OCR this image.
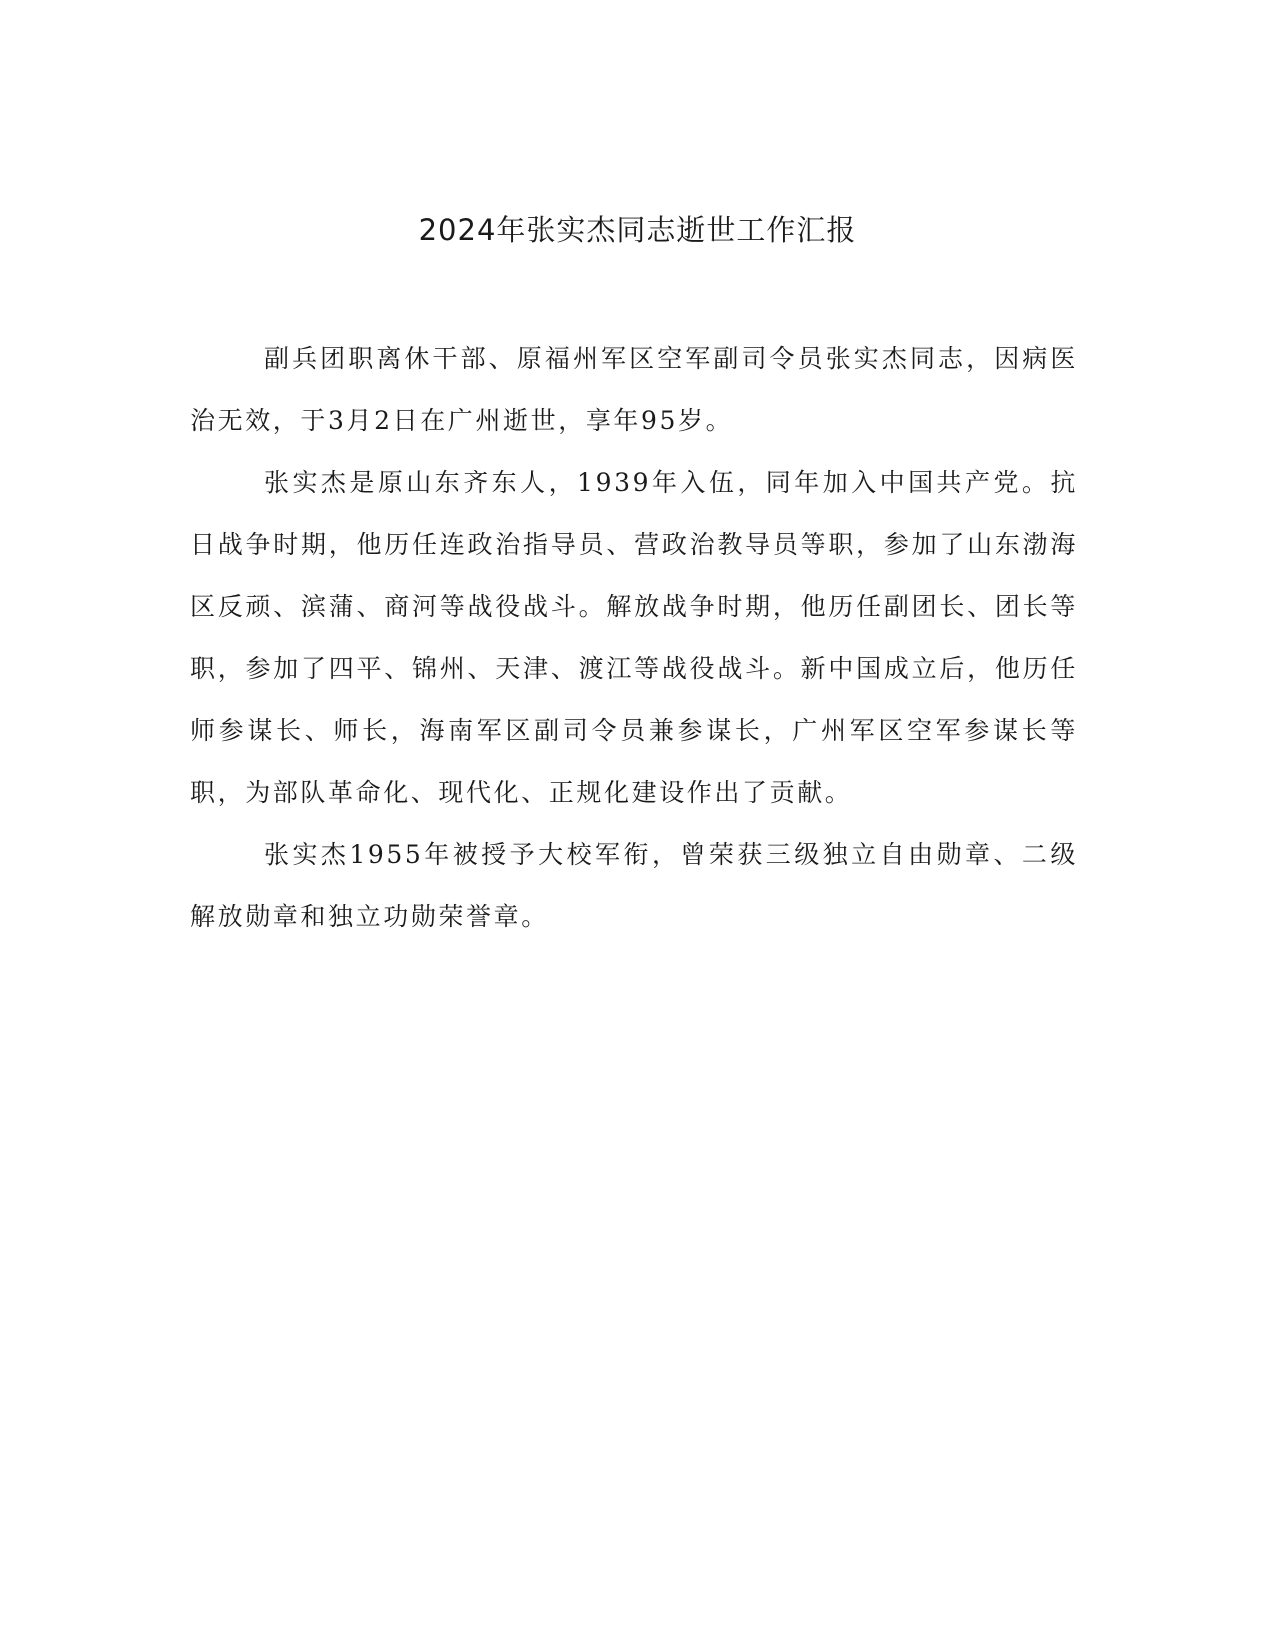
2024年张实杰同志逝世工作汇报

副兵团职离休干部、原福州军区空军副司令员张实杰同志，因病医治无效，于3月2日在广州逝世，享年95岁。

张实杰是原山东齐东人，1939年入伍，同年加入中国共产党。抗日战争时期，他历任连政治指导员、营政治教导员等职，参加了山东渤海区反顽、滨蒲、商河等战役战斗。解放战争时期，他历任副团长、团长等职，参加了四平、锦州、天津、渡江等战役战斗。新中国成立后，他历任师参谋长、师长，海南军区副司令员兼参谋长，广州军区空军参谋长等职，为部队革命化、现代化、正规化建设作出了贡献。

张实杰1955年被授予大校军衔，曾荣获三级独立自由勋章、二级解放勋章和独立功勋荣誉章。
